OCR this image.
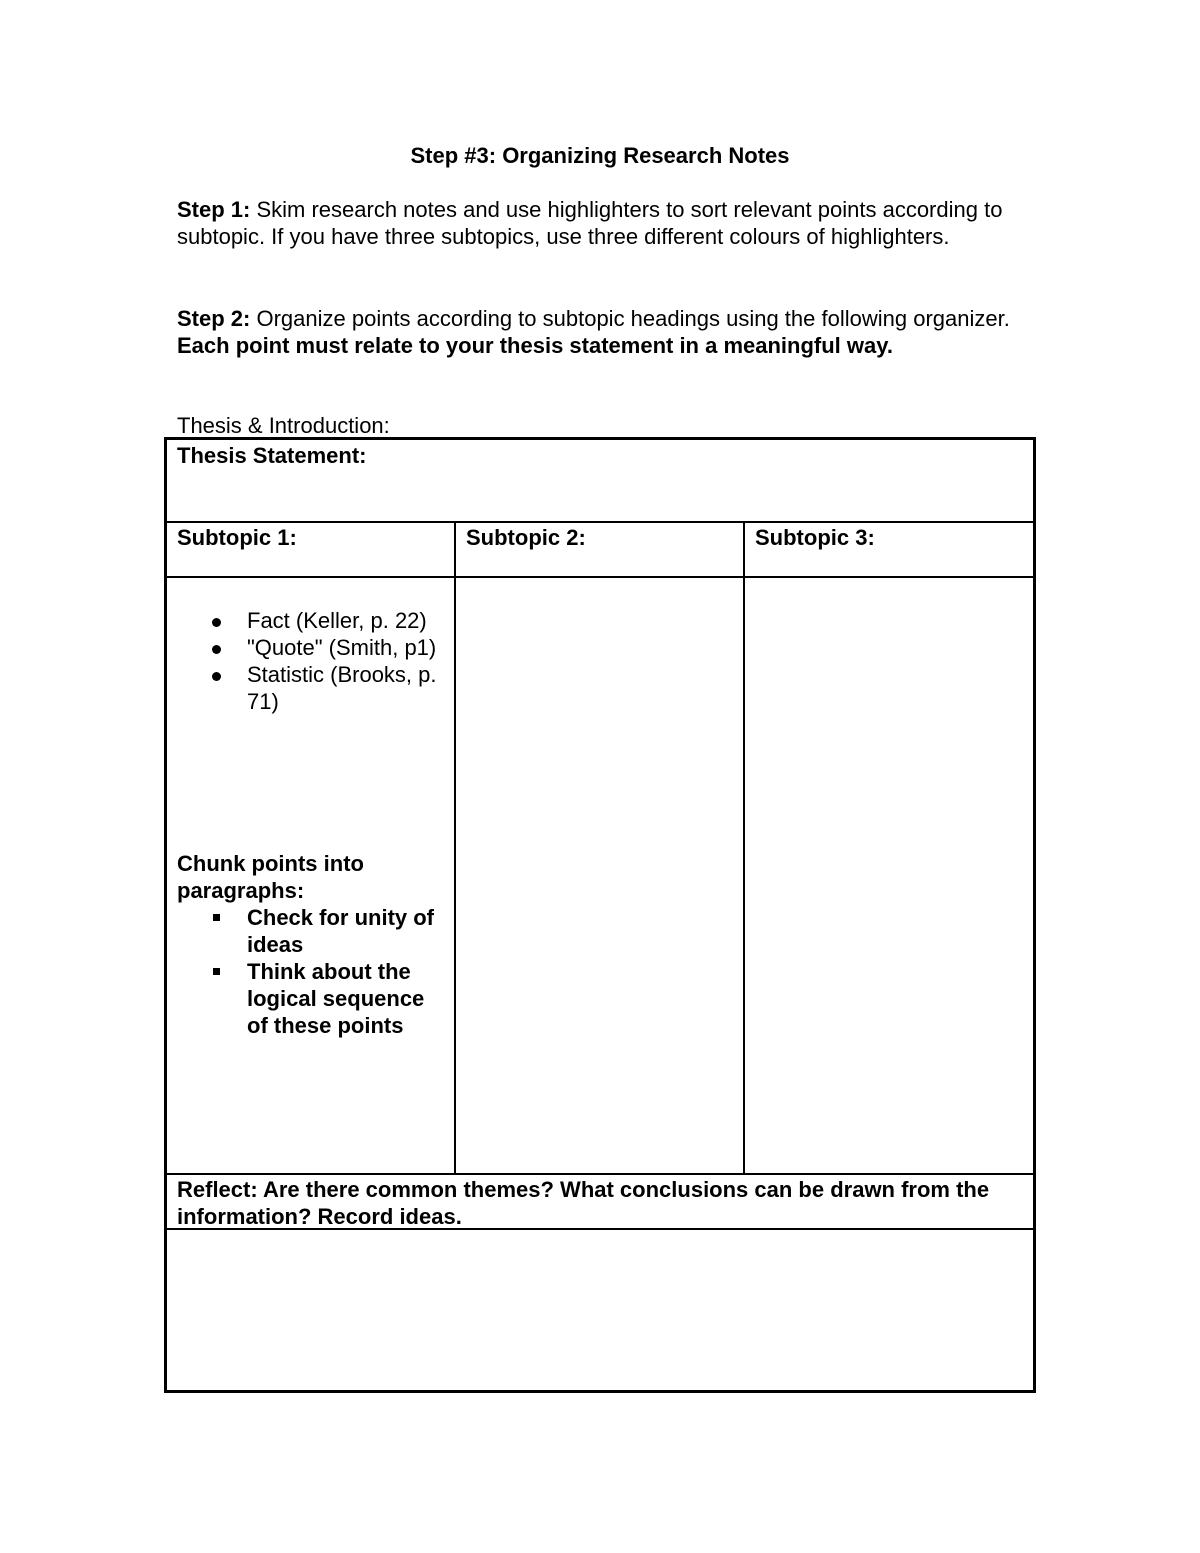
Step #3: Organizing Research Notes
Step 1: Skim research notes and use highlighters to sort relevant points according to subtopic. If you have three subtopics, use three different colours of highlighters.
Step 2: Organize points according to subtopic headings using the following organizer. Each point must relate to your thesis statement in a meaningful way.
Thesis & Introduction:
Thesis Statement:
Subtopic 1:	Subtopic 2:	Subtopic 3:
Fact (Keller, p. 22)
"Quote" (Smith, p1)
Statistic (Brooks, p. 71)
Chunk points into paragraphs:
Check for unity of ideas
Think about the logical sequence of these points
Reflect: Are there common themes? What conclusions can be drawn from the information? Record ideas.
